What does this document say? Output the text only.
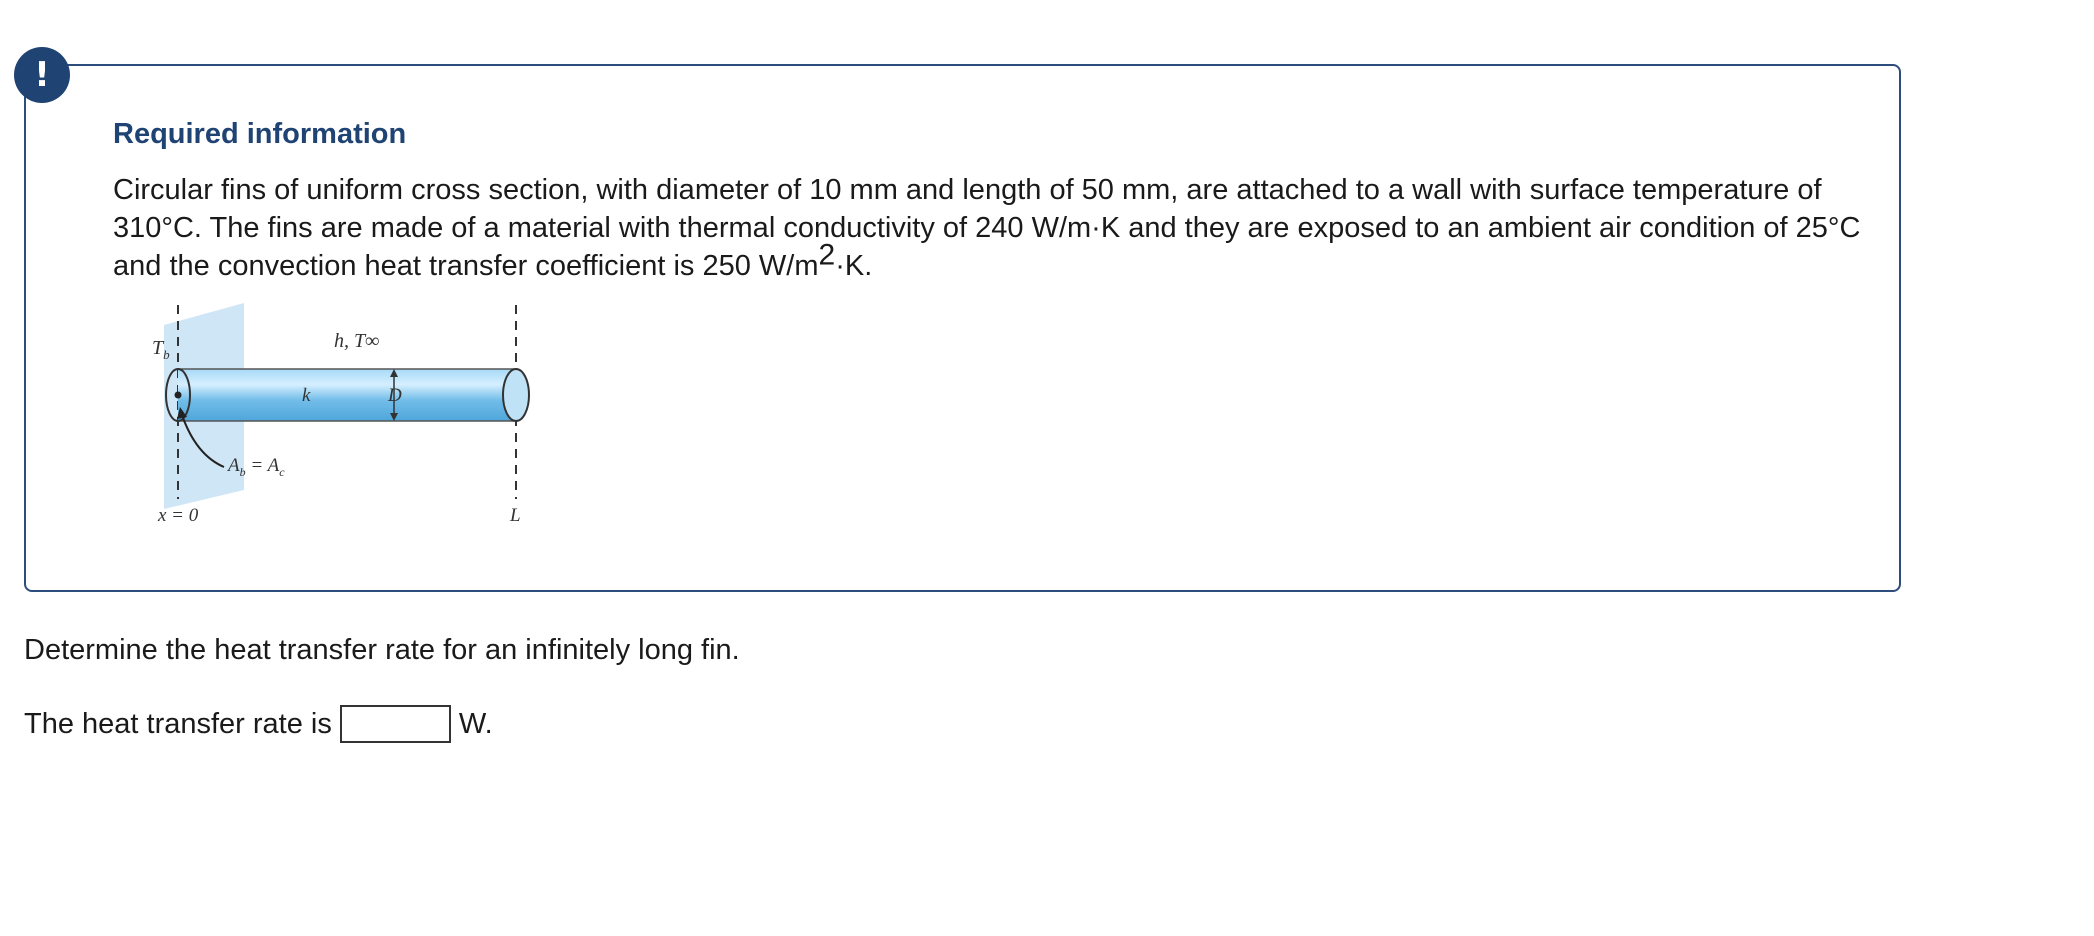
!
Required information

Circular fins of uniform cross section, with diameter of 10 mm and length of 50 mm, are attached to a wall with surface temperature of 310°C. The fins are made of a material with thermal conductivity of 240 W/m·K and they are exposed to an ambient air condition of 25°C and the convection heat transfer coefficient is 250 $W/m^2\cdot K$.

$T_b$
h, T∞
k	D
$A_b = A_c$
x = 0	L

Determine the heat transfer rate for an infinitely long fin.

The heat transfer rate is	W.
